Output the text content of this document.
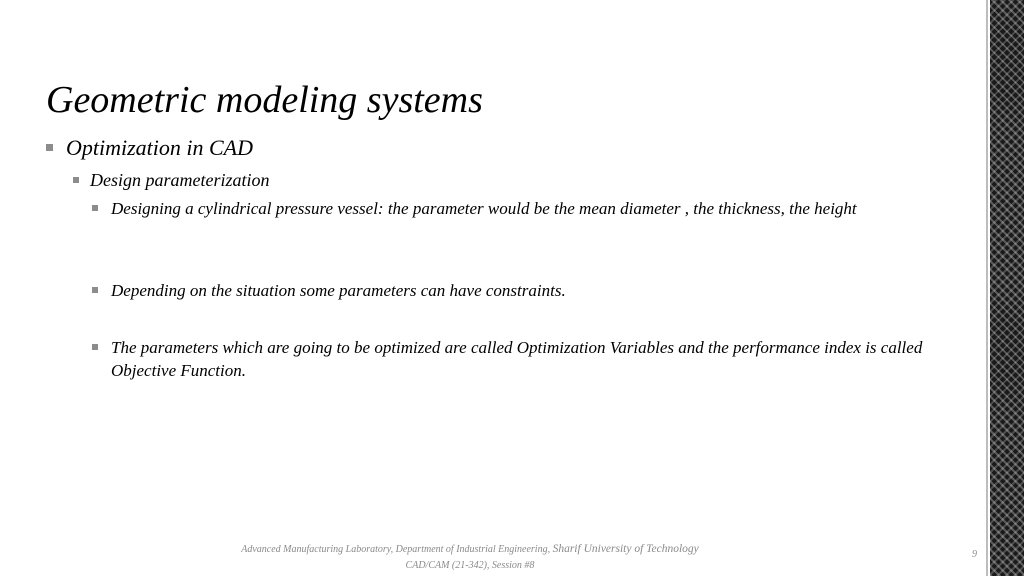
Geometric modeling systems
Optimization in CAD
Design parameterization
Designing a cylindrical pressure vessel: the parameter would be the mean diameter , the thickness, the height
Depending on the situation some parameters can have constraints.
The parameters which are going to be optimized are called Optimization Variables and the performance index is called Objective Function.
Advanced Manufacturing Laboratory, Department of Industrial Engineering, Sharif University of Technology
CAD/CAM (21-342), Session #8
9
